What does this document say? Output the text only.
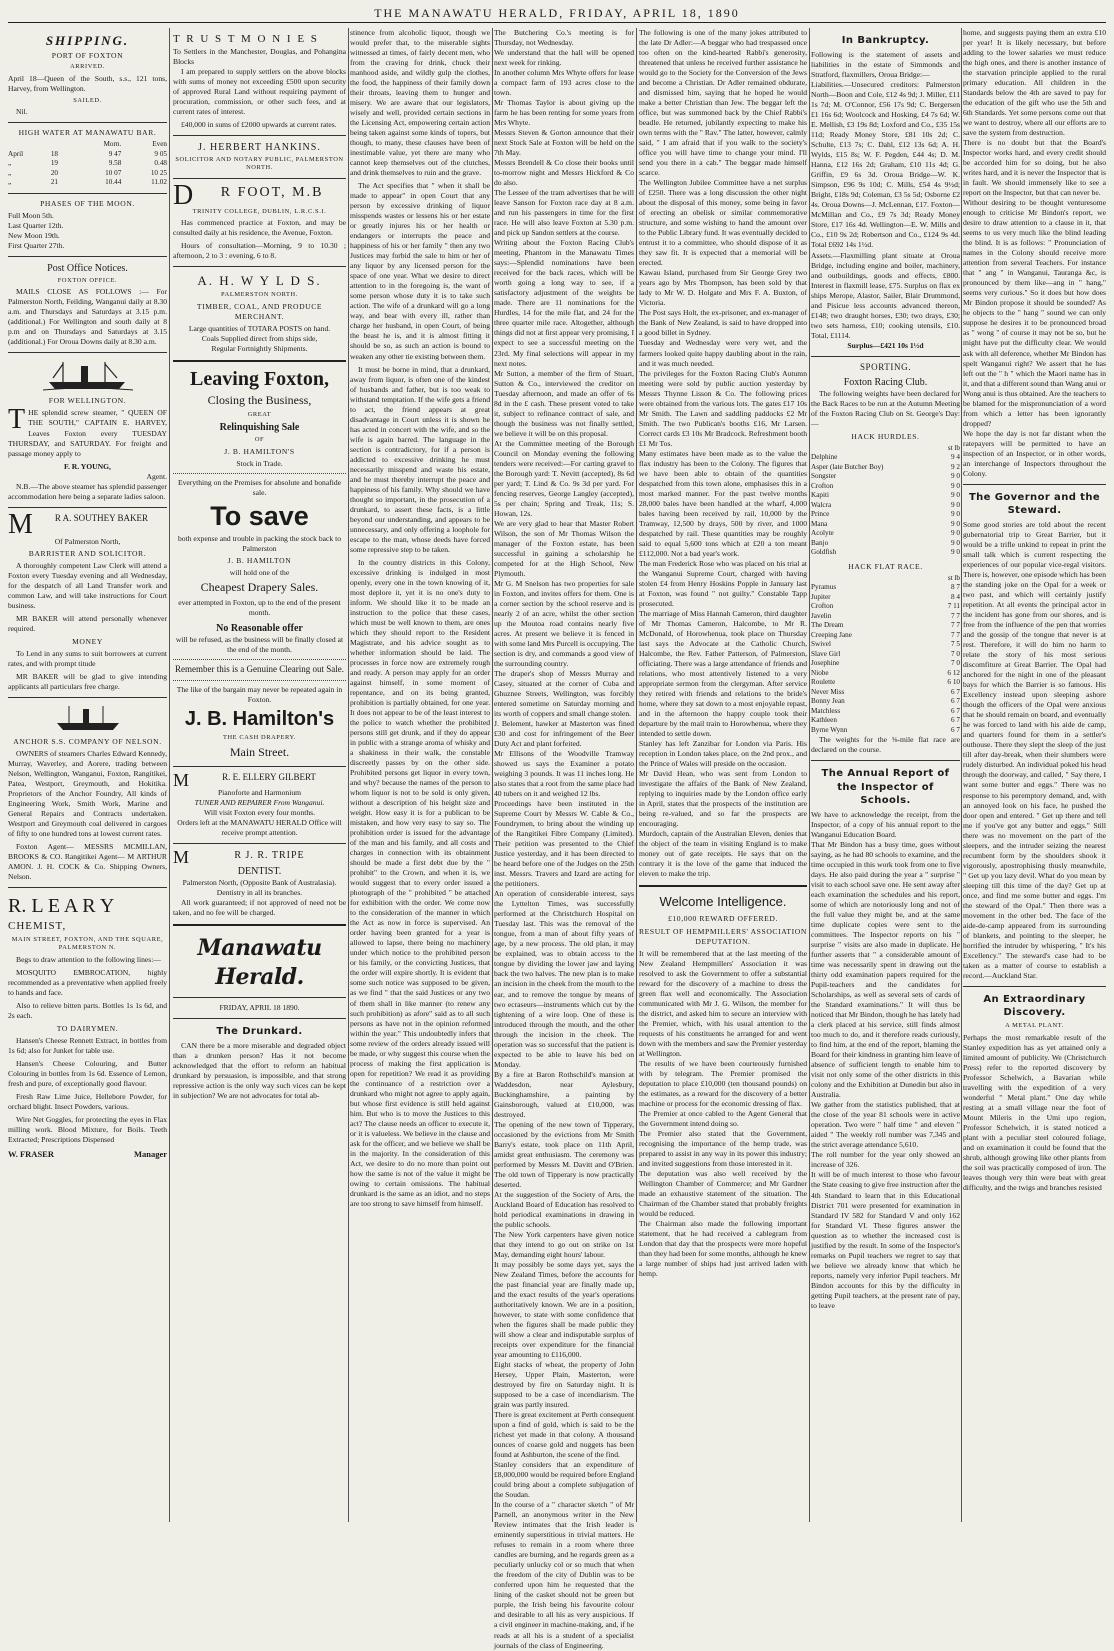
THE MANAWATU HERALD, FRIDAY, APRIL 18, 1890
SHIPPING.
PORT OF FOXTON
ARRIVED.

April 18—Queen of the South, s.s., 121 tons, Harvey, from Wellington.

SAILED.

Nil.

HIGH WATER AT MANAWATU BAR.
		Morn.	Even
April	18	9 47	9 05
„	19	9.58	0.48
„	20	10 07	10 25
„	21	10.44	11.02
PHASES OF THE MOON.
Full Moon 5th.
Last Quarter 12th.
New Moon 19th.
First Quarter 27th.
Post Office Notices.
FOXTON OFFICE.

MAILS CLOSE AS FOLLOWS :— For Palmerston North, Feilding, Wanganui daily at 8.30 a.m. and Thursdays and Saturdays at 3.15 p.m. (additional.) For Wellington and south daily at 8 p.m and on Thursdays and Saturdays at 3.15 (additional.) For Oroua Downs daily at 8.30 a.m.

FOR WELLINGTON.

THE splendid screw steamer, " QUEEN OF THE SOUTH," CAPTAIN E. HARVEY, Leaves Foxton every TUESDAY THURSDAY, and SATURDAY. For freight and passage money apply to

F. R. YOUNG,
Agent.

N.B.—The above steamer has splendid passenger accommodation here being a separate ladies saloon.

M R A. SOUTHEY BAKER
Of Palmerston North,
BARRISTER AND SOLICITOR.

A thoroughly competent Law Clerk will attend a Foxton every Tuesday evening and all Wednesday, for the despatch of all Land Transfer work and common Law, and will take instructions for Court business.

MR BAKER will attend personally whenever required.

MONEY

To Lend in any sums to suit borrowers at current rates, and with prompt titude

MR BAKER will be glad to give intending applicants all particulars free charge.

ANCHOR S.S. COMPANY OF NELSON.

OWNERS of steamers Charles Edward Kennedy, Murray, Waverley, and Aorere, trading between Nelson, Wellington, Wanganui, Foxton, Rangitikei, Patea, Westport, Greymouth, and Hokitika. Proprietors of the Anchor Foundry, All kinds of Engineering Work, Smith Work, Marine and General Repairs and Contracts undertaken. Westport and Greymouth coal delivered in cargoes of fifty to one hundred tons at lowest current rates.

Foxton Agent— MESSRS MCMILLAN, BROOKS & CO. Rangitikei Agent— M ARTHUR AMON. J. H. COCK & Co. Shipping Owners, Nelson.

R. L E A R Y
CHEMIST,
MAIN STREET, FOXTON, AND THE SQUARE, PALMERSTON N.

Begs to draw attention to the following lines:—

MOSQUITO EMBROCATION, highly recommended as a preventative when applied freely to hands and face.

Also to relieve bitten parts. Bottles 1s 1s 6d, and 2s each.

TO DAIRYMEN.

Hansen's Cheese Rennett Extract, in bottles from 1s 6d; also for Junket for table use.

Hansen's Cheese Colouring, and Butter Colouring in bottles from 1s 6d. Essence of Lemon, fresh and pure, of exceptionally good flavour.

Fresh Raw Lime Juice, Hellebore Powder, for orchard blight. Insect Powders, various.

Wire Net Goggles, for protecting the eyes in Flax milling work. Blood Mixture, for Boils. Teeth Extracted; Prescriptions Dispensed

W. FRASER	Manager
T R U S T M O N I E S
To Settlers in the Manchester, Douglas, and Pohangina Blocks

I am prepared to supply settlers on the above blocks with sums of money not exceeding £500 upon security of approved Rural Land without requiring payment of procuration, commission, or other such fees, and at current rates of interest.

£40,000 in sums of £2000 upwards at current rates.

J. HERBERT HANKINS.
SOLICITOR AND NOTARY PUBLIC, PALMERSTON NORTH.
D R FOOT, M.B
TRINITY COLLEGE, DUBLIN, L.R.C.S.I.

Has commenced practice at Foxton, and may be consulted daily at his residence, the Avenue, Foxton.

Hours of consultation—Morning, 9 to 10.30 ; afternoon, 2 to 3 : evening, 6 to 8.

A. H. W Y L D S.
PALMERSTON NORTH.
TIMBER, COAL, AND PRODUCE MERCHANT.
Large quantities of TOTARA POSTS on hand.
Coals Supplied direct from ships side,
Regular Fortnightly Shipments.
Leaving Foxton,
Closing the Business,
GREAT
Relinquishing Sale
OF
J. B. HAMILTON'S
Stock in Trade.
Everything on the Premises for absolute and bonafide sale.
To save
both expense and trouble in packing the stock back to Palmerston
J. B. HAMILTON
will hold one of the
Cheapest Drapery Sales.
ever attempted in Foxton, up to the end of the present month.
No Reasonable offer
will be refused, as the business will be finally closed at the end of the month.
Remember this is a Genuine Clearing out Sale.
The like of the bargain may never be repeated again in Foxton.
J. B. Hamilton's
THE CASH DRAPERY.
Main Street.
M	R. E. ELLERY GILBERT
Pianoforte and Harmonium
TUNER AND REPAIRER From Wanganui.
Will visit Foxton every four months.
Orders left at the MANAWATU HERALD Office will receive prompt attention.
M	R J. R. TRIPE
DENTIST.
Palmerston North, (Opposite Bank of Australasia).
Dentistry in all its branches.

All work guaranteed; if not approved of need not be taken, and no fee will be charged.

Manawatu Herald.
FRIDAY, APRIL 18 1890.
The Drunkard.

CAN there be a more miserable and degraded object than a drunken person? Has it not become acknowledged that the effort to reform an habitual drunkard by persuasion, is impossible, and that strong repressive action is the only way such vices can be kept in subjection? We are not advocates for total ab-

stinence from alcoholic liquor, though we would prefer that, to the miserable sights witnessed at times, of fairly decent men, who from the craving for drink, chuck their manhood aside, and wildly gulp the clothes, the food, the happiness of their family down their throats, leaving them to hunger and misery. We are aware that our legislators, wisely and well, provided certain sections in the Licensing Act, empowering certain action being taken against some kinds of topers, but though, to many, these clauses have been of inestimable value, yet there are many who cannot keep themselves out of the clutches, and drink themselves to ruin and the grave.

The Act specifies that " when it shall be made to appear" in open Court that any person by excessive drinking of liquor misspends wastes or lessens his or her estate or greatly injures his or her health or endangers or interrupts the peace and happiness of his or her family " then any two Justices may forbid the sale to him or her of any liquor by any licensed person for the space of one year. What we desire to direct attention to in the foregoing is, the want of some person whose duty it is to take such action. The wife of a drunkard will go a long way, and bear with every ill, rather than charge her husband, in open Court, of being the beast he is, and it is almost fitting it should be so, as such an action is bound to weaken any other tie existing between them.

It must be borne in mind, that a drunkard, away from liquor, is often one of the kindest of husbands and father, but is too weak to withstand temptation. If the wife gets a friend to act, the friend appears at great disadvantage in Court unless it is shown he has acted in concert with the wife, and so the wife is again barred. The language in the section is contradictory, for if a person is addicted to excessive drinking he must necessarily misspend and waste his estate, and he must thereby interrupt the peace and happiness of his family. Why should we have thought so important, in the prosecution of a drunkard, to assert these facts, is a little beyond our understanding, and appears to be unnecessary, and only offering a loophole for escape to the man, whose deeds have forced some repressive step to be taken.

In the country districts in this Colony, excessive drinking is indulged in most openly, every one in the town knowing of it, most deplore it, yet it is no one's duty to inform. We should like it to be made an instruction to the police that these cases, which must be well known to them, are ones which they should report to the Resident Magistrate, and his advice sought as to whether information should be laid. The processes in force now are extremely rough and ready. A person may apply for an order against himself, in some moment of repentance, and on its being granted, prohibition is partially obtained, for one year. It does not appear to be of the least interest to the police to watch whether the prohibited persons still get drunk, and if they do appear in public with a strange aroma of whisky and a shakiness in their walk, the constable discreetly passes by on the other side. Prohibited persons get liquor in every town, and why? because the names of the person to whom liquor is not to be sold is only given, without a description of his height size and weight. How easy it is for a publican to be mistaken, and how very easy to say so. The prohibition order is issued for the advantage of the man and his family, and all costs and charges in connection with its obtainment should be made a first debt due by the " prohibit" to the Crown, and when it is, we would suggest that to every order issued a photograph of the " prohibited " be attached for exhibition with the order. We come now to the consideration of the manner in which the Act as now in force is supervised. An order having been granted for a year is allowed to lapse, there being no machinery under which notice to the prohibited person or his family, or the convicting Justices, that the order will expire shortly. It is evident that some such notice was supposed to be given, as we find " that the said Justices or any two of them shall in like manner (to renew any such prohibition) as afore" said as to all such persons as have not in the opinion reformed within the year." This undoubtedly infers that some review of the orders already issued will be made, or why suggest this course when the process of making the first application is open for repetition? We read it as providing the continuance of a restriction over a drunkard who might not agree to apply again, but whose first evidence is still held against him. But who is to move the Justices to this act? The clause needs an officer to execute it, or it is valueless. We believe in the clause and ask for the officer, and we believe we shall be in the majority. In the consideration of this Act, we desire to do no more than point out how the same is not of the value it might be owing to certain omissions. The habitual drunkard is the same as an idiot, and no steps are too strong to save himself from himself.

The Butchering Co.'s meeting is for Thursday, not Wednesday.
We understand that the hall will be opened next week for rinking.
In another column Mrs Whyte offers for lease a compact farm of 193 acres close to the town.
Mr Thomas Taylor is about giving up the farm he has been renting for some years from Mrs Whyte.
Messrs Steven & Gorton announce that their next Stock Sale at Foxton will be held on the 7th May.
Messrs Brendell & Co close their books until to-morrow night and Messrs Hickford & Co do also.
The Lessee of the tram advertises that he will leave Sanson for Foxton race day at 8 a.m. and run his passengers in time for the first race. He will also leave Foxton at 5.30 p.m. and pick up Sandon settlers at the course.
Writing about the Foxton Racing Club's meeting, Phantom in the Manawatu Times says:—Splendid nominations have been received for the back races, which will be worth going a long way to see, if a satisfactory adjustment of the weights be made. There are 11 nominations for the Hurdles, 14 for the mile flat, and 24 for the three quarter mile race. Altogether, although things did not at first appear very promising, I expect to see a successful meeting on the 23rd. My final selections will appear in my next notes.
Mr Sutton, a member of the firm of Stuart, Sutton & Co., interviewed the creditor on Tuesday afternoon, and made an offer of 6s 8d in the £ cash. These present voted to take it, subject to refinance contract of sale, and though the business was not finally settled, we believe it will be on this proposal.
At the Committee meeting of the Borough Council on Monday evening the following tenders were received:—For carting gravel to the Borough yard: T. Nevitt (accepted), 8s 6d per yard; T. Lind & Co. 9s 3d per yard. For fencing reserves, George Langley (accepted), 5s per chain; Spring and Treak, 11s; S. Howan, 12s.
We are very glad to hear that Master Robert Wilson, the son of Mr Thomas Wilson the manager of the Foxton estate, has been successful in gaining a scholarship he competed for at the High School, New Plymouth.
Mr G. M Snelson has two properties for sale in Foxton, and invites offers for them. One is a corner section by the school reserve and is nearly 2 of an acre, whilst the other section up the Moutoa road contains nearly five acres. At present we believe it is fenced in with some land Mrs Purcell is occupying. The section is dry, and commands a good view of the surrounding country.
The draper's shop of Messrs Murray and Casey, situated at the corner of Cuba and Ghuznee Streets, Wellington, was forcibly entered sometime on Saturday morning and its worth of coppers and small change stolen.
J. Belement, hawker at Masterton was fined £30 and cost for infringement of the Beer Duty Act and plant forfeited.
Mr Ellisons of the Woodville Tramway showed us says the Examiner a potato weighing 3 pounds. It was 11 inches long. He also states that a root from the same place had 40 tubers on it and weighed 12 lbs.
Proceedings have been instituted in the Supreme Court by Messrs W. Cable & Co., Foundrymen, to bring about the winding up of the Rangitikei Fibre Company (Limited). Their petition was presented to the Chief Justice yesterday, and it has been directed to be heard before one of the Judges on the 25th inst. Messrs. Travers and Izard are acting for the petitioners.
An operation of considerable interest, says the Lyttelton Times, was successfully performed at the Christchurch Hospital on Tuesday last. This was the removal of the tongue, from a man of about fifty years of age, by a new process. The old plan, it may be explained, was to obtain access to the tongue by dividing the lower jaw and laying back the two halves. The new plan is to make an incision in the cheek from the mouth to the ear, and to remove the tongue by means of two ecraseurs—instruments which cut by the tightening of a wire loop. One of these is introduced through the mouth, and the other through the incision in the cheek. The operation was so successful that the patient is expected to be able to leave his bed on Monday.
By a fire at Baron Rothschild's mansion at Waddesdon, near Aylesbury, Buckinghamshire, a painting by Gainsborough, valued at £10,000, was destroyed.
The opening of the new town of Tipperary, occasioned by the evictions from Mr Smith Barry's estate, took place on 11th April, amidst great enthusiasm. The ceremony was performed by Messrs M. Davitt and O'Brien. The old town of Tipperary is now practically deserted.
At the suggestion of the Society of Arts, the Auckland Board of Education has resolved to hold periodical examinations in drawing in the public schools.
The New York carpenters have given notice that they intend to go out on strike on 1st May, demanding eight hours' labour.
It may possibly be some days yet, says the New Zealand Times, before the accounts for the past financial year are finally made up, and the exact results of the year's operations authoritatively known. We are in a position, however, to state with some confidence that when the figures shall be made public they will show a clear and indisputable surplus of receipts over expenditure for the financial year amounting to £116,000.
Eight stacks of wheat, the property of John Hersey, Upper Plain, Masterton, were destroyed by fire on Saturday night. It is supposed to be a case of incendiarism. The grain was partly insured.
There is great excitement at Perth consequent upon a find of gold, which is said to be the richest yet made in that colony. A thousand ounces of coarse gold and nuggets has been found at Ashburton, the scene of the find.
Stanley considers that an expenditure of £8,000,000 would be required before England could bring about a complete subjugation of the Soudan.
In the course of a " character sketch " of Mr Parnell, an anonymous writer in the New Review intimates that the Irish leader is eminently superstitious in trivial matters. He refuses to remain in a room where three candles are burning, and he regards green as a peculiarly unlucky col or so much that when the freedom of the city of Dublin was to be conferred upon him he requested that the lining of the casket should not be green but purple, the Irish being his favourite colour and desirable to all his as very auspicious. If a civil engineer in machine-making, and, if he reads at all his is a student of a specialist journals of the class of Engineering.
The following is one of the many jokes attributed to the late Dr Adler:—A beggar who had trespassed once too often on the kind-hearted Rabbi's generosity, threatened that unless he received further assistance he would go to the Society for the Conversion of the Jews and become a Christian. Dr Adler remained obdurate, and dismissed him, saying that he hoped he would make a better Christian than Jew. The beggar left the office, but was summoned back by the Chief Rabbi's beadle. He returned, jubilantly expecting to make his own terms with the " Rav." The latter, however, calmly said, " I am afraid that if you walk to the society's office you will have time to change your mind. I'll send you there in a cab." The beggar made himself scarce.
The Wellington Jubilee Committee have a net surplus of £250. There was a long discussion the other night about the disposal of this money, some being in favor of erecting an obelisk or similar commemorative structure, and some wishing to hand the amount over to the Public Library fund. It was eventually decided to entrust it to a committee, who should dispose of it as they saw fit. It is expected that a memorial will be erected.
Kawau Island, purchased from Sir George Grey two years ago by Mrs Thompson, has been sold by that lady to Mr W. D. Holgate and Mrs F. A. Buxton, of Victoria.
The Post says Holt, the ex-prisoner, and ex-manager of the Bank of New Zealand, is said to have dropped into a good billet in Sydney.
Tuesday and Wednesday were very wet, and the farmers looked quite happy daubling about in the rain, and it was much needed.
The privileges for the Foxton Racing Club's Autumn meeting were sold by public auction yesterday by Messrs Thynne Lisson & Co. The following prices were obtained from the various lots. The gates £17 10s Mr Smith. The Lawn and saddling paddocks £2 Mr Smith. The two Publican's booths £16, Mr Larsen. Correct cards £3 10s Mr Bradcock. Refreshment booth £1 Mr Tos.
Many estimates have been made as to the value the flax industry has been to the Colony. The figures that we have been able to obtain of the quantities despatched from this town alone, emphasises this in a most marked manner. For the past twelve months 28,000 bales have been handled at the wharf, 4,000 bales having been received by rail, 10,000 by the Tramway, 12,500 by drays, 500 by river, and 1000 despatched by rail. These quantities may be roughly said to equal 5,600 tons which at £20 a ton meant £112,000. Not a bad year's work.
The man Frederick Rose who was placed on his trial at the Wanganui Supreme Court, charged with having stolen £4 from Henry Hoskins Popple in January last at Foxton, was found " not guilty." Constable Tapp prosecuted.
The marriage of Miss Hannah Cameron, third daughter of Mr Thomas Cameron, Halcombe, to Mr R. McDonald, of Horowhenua, took place on Thursday last says the Advocate at the Catholic Church, Halcombe, the Rev. Father Patterson, of Palmerston, officiating. There was a large attendance of friends and relations, who most attentively listened to a very appropriate sermon from the clergyman. After service they retired with friends and relations to the bride's home, where they sat down to a most enjoyable repast, and in the afternoon the happy couple took their departure by the mail train to Horowhenua, where they intended to settle down.
Stanley has left Zanzibar for London via Paris. His reception in London takes place, on the 2nd prox., and the Prince of Wales will preside on the occasion.
Mr David Hean, who was sent from London to investigate the affairs of the Bank of New Zealand, replying to inquiries made by the London office early in April, states that the prospects of the institution are being re-valued, and so far the prospects are encouraging.
Murdoch, captain of the Australian Eleven, denies that the object of the team in visiting England is to make money out of gate receipts. He says that on the contrary it is the love of the game that induced the eleven to make the trip.
Welcome Intelligence.
£10,000 REWARD OFFERED.
RESULT OF HEMPMILLERS' ASSOCIATION DEPUTATION.
It will be remembered that at the last meeting of the New Zealand Hempmillers' Association it was resolved to ask the Government to offer a substantial reward for the discovery of a machine to dress the green flax well and economically. The Association communicated with Mr J. G. Wilson, the member for the district, and asked him to secure an interview with the Premier, which, with his usual attention to the requests of his constituents he arranged for and went down with the members and saw the Premier yesterday at Wellington.
The results of we have been courteously furnished with by telegram. The Premier promised the deputation to place £10,000 (ten thousand pounds) on the estimates, as a reward for the discovery of a better machine or process for the economic dressing of flax.
The Premier at once cabled to the Agent General that the Government intend doing so.
The Premier also stated that the Government, recognising the importance of the hemp trade, was prepared to assist in any way in its power this industry; and invited suggestions from those interested in it.
The deputation was also well received by the Wellington Chamber of Commerce; and Mr Gardner made an exhaustive statement of the situation. The Chairman of the Chamber stated that probably freights would be reduced.
The Chairman also made the following important statement, that he had received a cablegram from London that day that the prospects were more hopeful than they had been for some months, although he knew a large number of ships had just arrived laden with hemp.
In Bankruptcy.
Following is the statement of assets and liabilities in the estate of Simmonds and Stratford, flaxmillers, Oroua Bridge:—
Liabilities.—Unsecured creditors: Palmerston North—Boon and Cole, £12 4s 9d; J. Miller, £11 1s 7d; M. O'Connor, £56 17s 9d; C. Bergersen £1 16s 6d; Woolcock and Hosking, £4 7s 6d; W. E. Mellish, £3 19s 8d; Loxford and Co., £35 15s 11d; Ready Money Store, £81 10s 2d; C. Schulte, £13 7s; C. Dahl, £12 13s 6d; A. H. Wylds, £15 8s; W. F. Pegden, £44 4s; D. M. Hanna, £12 16s 2d; Graham, £10 11s 4d; G. Griffin, £9 6s 3d. Oroua Bridge—W. K. Simpson, £96 9s 10d; C. Mills, £54 4s 9½d; Bright, £18s 9d; Coleman, £3 5s 5d; Osborne £2 4s. Oroua Downs—J. McLennan, £17. Foxton—McMillan and Co., £9 7s 3d; Ready Money Store, £17 16s 4d. Wellington—E. W. Mills and Co., £10 9s 2d; Robertson and Co., £124 9s 4d. Total £692 14s 1½d.
Assets.—Flaxmilling plant situate at Oroua Bridge, including engine and boiler, machinery, and outbuildings, goods and effects, £800. Interest in flaxmill lease, £75. Surplus on flax ex ships Merope, Alastor, Sailer, Blair Drummond, and Pisicue less accounts advanced thereon, £148; two draught horses, £30; two drays, £30; two sets harness, £10; cooking utensils, £10. Total, £1114.
Surplus—£421 10s 1½d
SPORTING.
Foxton Racing Club.

The following weights have been declared for the Back Races to be run at the Autumn Meeting of the Foxton Racing Club on St. George's Day:—

HACK HURDLES.
	st lb
Delphine	9 4
Asper (late Butcher Boy)	9 2
Songster	9 0
Crofton	9 0
Kapiti	9 0
Walcra	9 0
Prince	9 0
Mana	9 0
Acolyte	9 0
Banjo	9 0
Goldfish	9 0
HACK FLAT RACE.
	st lb
Pyramus	8 7
Jupiter	8 4
Crofton	7 11
Javelin	7 7
The Dream	7 7
Creeping Jane	7 7
Swivel	7 5
Slave Girl	7 0
Josephine	7 0
Niobe	6 12
Roulette	6 10
Never Miss	6 7
Bonny Jean	6 7
Matchless	6 7
Kathleen	6 7
Byrne Wynn	6 7

The weights for the ⅝-mile flat race are declared on the course.

The Annual Report of the Inspector of Schools.
We have to acknowledge the receipt, from the Inspector, of a copy of his annual report to the Wanganui Education Board.
That Mr Bindon has a busy time, goes without saying, as he had 80 schools to examine, and the time occupied in this work took from one to five days. He also paid during the year a " surprise " visit to each school save one. He sent away after each examination the schedules and his report, some of which are notoriously long and not of the full value they might be, and at the same time duplicate copies were sent to the committees. The Inspector reports on his " surprise " visits are also made in duplicate. He further asserts that " a considerable amount of time was necessarily spent in drawing out the thirty odd examination papers required for the Pupil-teachers and the candidates for Scholarships, as well as several sets of cards of the Standard examinations." It will thus be noticed that Mr Bindon, though he has lately had a clerk placed at his service, still finds almost too much to do, and it therefore reads curiously, to find him, at the end of the report, blaming the Board for their kindness in granting him leave of absence of sufficient length to enable him to visit not only some of the other districts in this colony and the Exhibition at Dunedin but also in Australia.
We gather from the statistics published, that at the close of the year 81 schools were in active operation. Two were " half time " and eleven " aided " The weekly roll number was 7,345 and the strict average attendance 5,610.
The roll number for the year only showed an increase of 326.
It will be of much interest to those who favour the State ceasing to give free instruction after the 4th Standard to learn that in this Educational District 701 were presented for examination in Standard IV 582 for Standard V and only 162 for Standard VI. These figures answer the question as to whether the increased cost is justified by the result. In some of the Inspector's remarks on Pupil teachers we regret to say that we believe we already know that which he reports, namely very inferior Pupil teachers. Mr Bindon accounts for this by the difficulty in getting Pupil teachers, at the present rate of pay, to leave
home, and suggests paying them an extra £10 per year! It is likely necessary, but before adding to the lower salaries we must reduce the high ones, and there is another instance of the starvation principle applied to the rural primary education. All children in the Standards below the 4th are saved to pay for the education of the gift who use the 5th and 6th Standards. Yet some persons come out that we want to destroy, where all our efforts are to save the system from destruction.
There is no doubt but that the Board's Inspector works hard, and every credit should be accorded him for so doing, but he also writes hard, and it is never the Inspector that is in fault. We should immensely like to see a report on the Inspector, but that can never be.
Without desiring to be thought venturesome enough to criticise Mr Bindon's report, we desire to draw attention to a clause in it, that seems to us very much like the blind leading the blind. It is as follows: " Pronunciation of names in the Colony should receive more attention from several Teachers. For instance that " ang " in Wanganui, Tauranga &c, is pronounced by them like—ang in " hang," seems very curious." So it does but how does Mr Bindon propose it should be sounded? As he objects to the " hang " sound we can only suppose he desires it to be pronounced broad as " wong " of course it may not be so, but he might have put the difficulty clear. We would ask with all deference, whether Mr Bindon has spelt Wanganui right? We assert that he has left out the " h " which the Maori name has in it, and that a different sound than Wang anui or Wong anui is thus obtained. Are the teachers to be blamed for the mispronunciation of a word from which a letter has been ignorantly dropped?
We hope the day is not far distant when the ratepayers will be permitted to have an inspection of an Inspector, or in other words, an interchange of Inspectors throughout the Colony.
The Governor and the Steward.
Some good stories are told about the recent gubernatorial trip to Great Barrier, but it would be a trifle unkind to repeat in print the small talk which is current respecting the experiences of our popular vice-regal visitors. There is, however, one episode which has been the standing joke on the Opal for a week or two past, and which will certainly justify repetition. At all events the principal actor in the incident has gone from our shores, and is free from the influence of the pen that worries and the gossip of the tongue that never is at rest. Therefore, it will do him no harm to relate the story of his most serious discomfiture at Great Barrier. The Opal had anchored for the night in one of the pleasant bays for which the Barrier is so famous. His Excellency instead upon sleeping ashore though the officers of the Opal were anxious that he should remain on board, and eventually he was forced to land with his aide de camp, and quarters found for them in a settler's outhouse. There they slept the sleep of the just till after day-break, when their slumbers were rudely disturbed. An individual poked his head through the doorway, and called, " Say there, I want some butter and eggs." There was no response to his peremptory demand, and, with an annoyed look on his face, he pushed the door open and entered. " Get up there and tell me if you've got any butter and eggs." Still there was no movement on the part of the sleepers, and the intruder seizing the nearest recumbent form by the shoulders shook it vigorously, apostrophising thusly meanwhile, " Get up you lazy devil. What do you mean by sleeping till this time of the day? Get up at once, and find me some butter and eggs. I'm the steward of the Opal." Then there was a movement in the other bed. The face of the aide-de-camp appeared from its surrounding of blankets, and pointing to the sleeper, he horrified the intruder by whispering, " It's his Excellency." The steward's case had to be taken as a matter of course to establish a record.—Auckland Star.
An Extraordinary Discovery.
A METAL PLANT.
Perhaps the most remarkable result of the Stanley expedition has as yet attained only a limited amount of publicity. We (Christchurch Press) refer to the reported discovery by Professor Schelwich, a Bavarian while travelling with the expedition of a very wonderful " Metal plant." One day while resting at a small village near the foot of Mount Mileris in the Umi upo region, Professor Schelwich, it is stated noticed a plant with a peculiar steel coloured foliage, and on examination it could be found that the shrub, although growing like other plants from the soil was practically composed of iron. The leaves though very thin were beat with great difficulty, and the twigs and branches resisted
